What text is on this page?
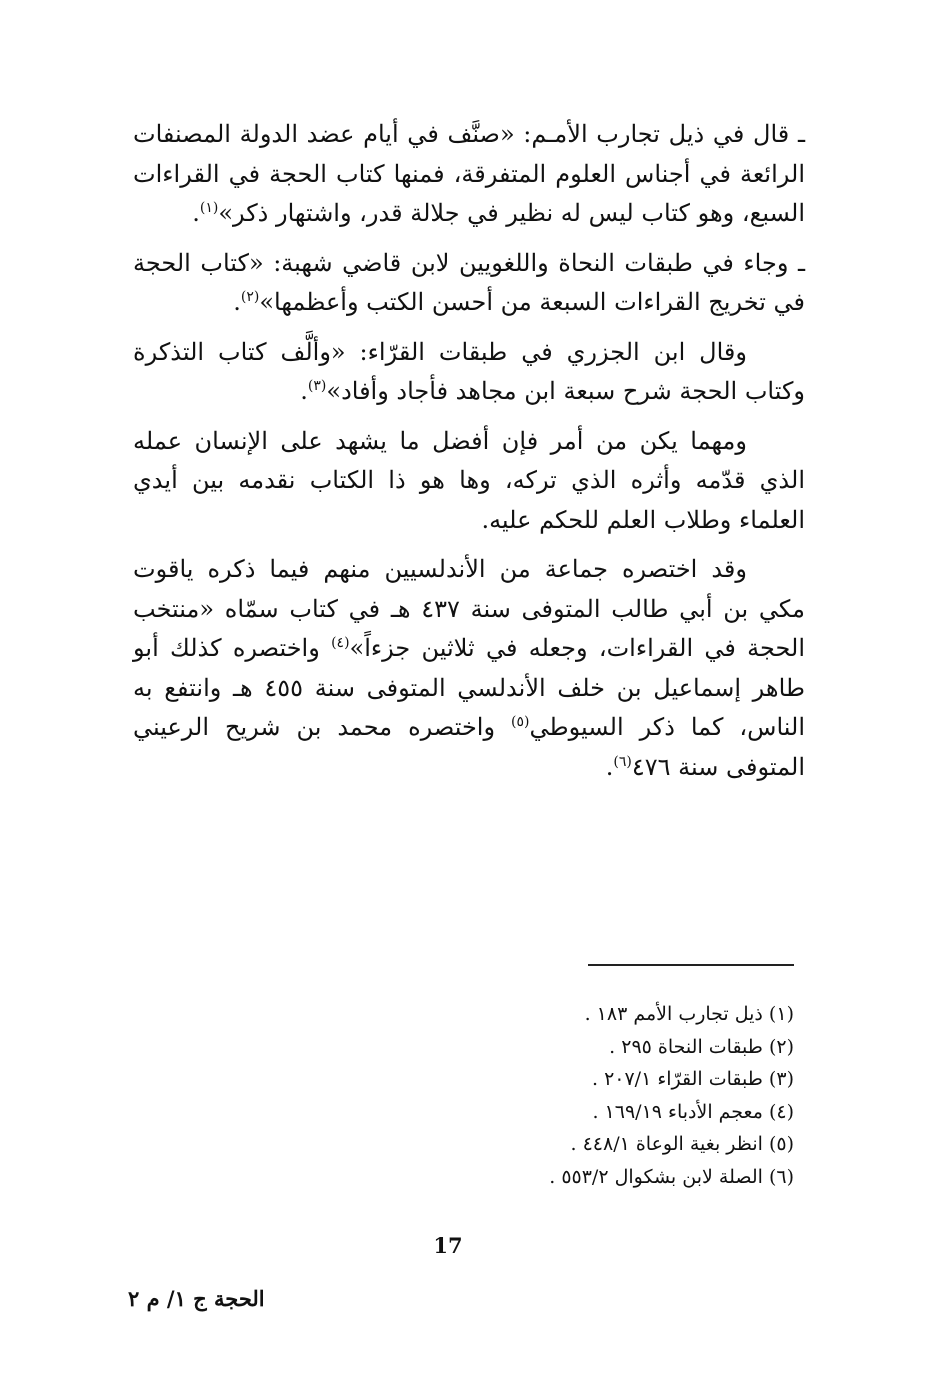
ـ قال في ذيل تجارب الأمـم: «صنَّف في أيام عضد الدولة المصنفات الرائعة في أجناس العلوم المتفرقة، فمنها كتاب الحجة في القراءات السبع، وهو كتاب ليس له نظير في جلالة قدر، واشتهار ذكر»$^{(١)}$.

ـ وجاء في طبقات النحاة واللغويين لابن قاضي شهبة: «كتاب الحجة في تخريج القراءات السبعة من أحسن الكتب وأعظمها»$^{(٢)}$.

وقال ابن الجزري في طبقات القرّاء: «وألَّف كتاب التذكرة وكتاب الحجة شرح سبعة ابن مجاهد فأجاد وأفاد»$^{(٣)}$.

ومهما يكن من أمر فإن أفضل ما يشهد على الإنسان عمله الذي قدّمه وأثره الذي تركه، وها هو ذا الكتاب نقدمه بين أيدي العلماء وطلاب العلم للحكم عليه.

وقد اختصره جماعة من الأندلسيين منهم فيما ذكره ياقوت مكي بن أبي طالب المتوفى سنة ٤٣٧ هـ في كتاب سمّاه «منتخب الحجة في القراءات، وجعله في ثلاثين جزءاً»$^{(٤)}$ واختصره كذلك أبو طاهر إسماعيل بن خلف الأندلسي المتوفى سنة ٤٥٥ هـ وانتفع به الناس، كما ذكر السيوطي$^{(٥)}$ واختصره محمد بن شريح الرعيني المتوفى سنة ٤٧٦$^{(٦)}$.

(١) ذيل تجارب الأمم ١٨٣ .

(٢) طبقات النحاة ٢٩٥ .

(٣) طبقات القرّاء ٢٠٧/١ .

(٤) معجم الأدباء ١٦٩/١٩ .

(٥) انظر بغية الوعاة ٤٤٨/١ .

(٦) الصلة لابن بشكوال ٥٥٣/٢ .

17
الحجة ج ١/ م ٢
